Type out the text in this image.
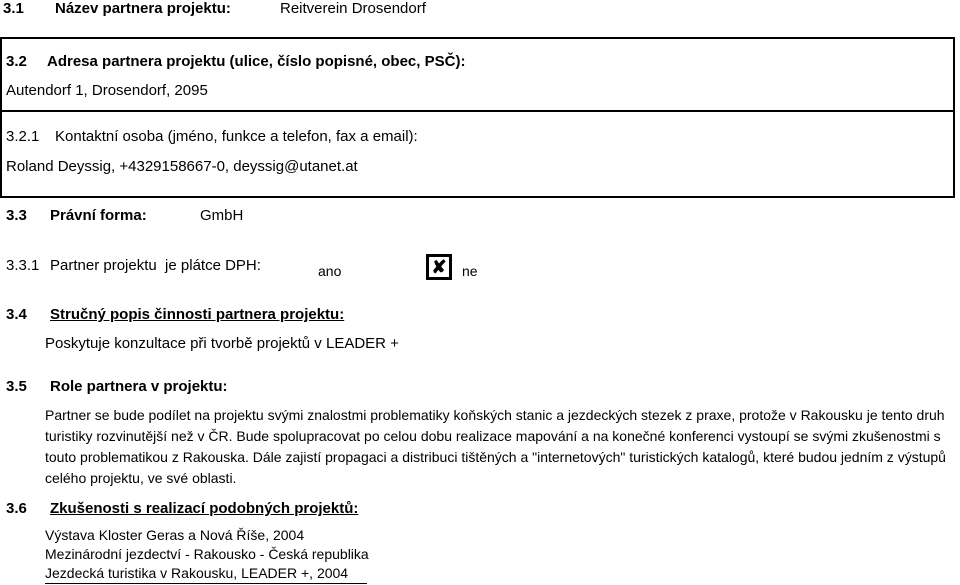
3.1 Název partnera projektu:	Reitverein Drosendorf
3.2 Adresa partnera projektu (ulice, číslo popisné, obec, PSČ):
Autendorf 1, Drosendorf, 2095
3.2.1 Kontaktní osoba (jméno, funkce a telefon, fax a email):
Roland Deyssig, +4329158667-0, deyssig@utanet.at
3.3 Právní forma:	GmbH
3.3.1 Partner projektu  je plátce DPH:	ano	✘ ne
3.4 Stručný popis činnosti partnera projektu:
Poskytuje konzultace při tvorbě projektů v LEADER +
3.5 Role partnera v projektu:
Partner se bude podílet na projektu svými znalostmi problematiky koňských stanic a jezdeckých stezek z praxe, protože v Rakousku je tento druh turistiky rozvinutější než v ČR. Bude spolupracovat po celou dobu realizace mapování a na konečné konferenci vystoupí se svými zkušenostmi s touto problematikou z Rakouska. Dále zajistí propagaci a distribuci tištěných a "internetových" turistických katalogů, které budou jedním z výstupů celého projektu, ve své oblasti.
3.6 Zkušenosti s realizací podobných projektů:
Výstava Kloster Geras a Nová Říše, 2004
Mezinárodní jezdectví - Rakousko - Česká republika
Jezdecká turistika v Rakousku, LEADER +, 2004
